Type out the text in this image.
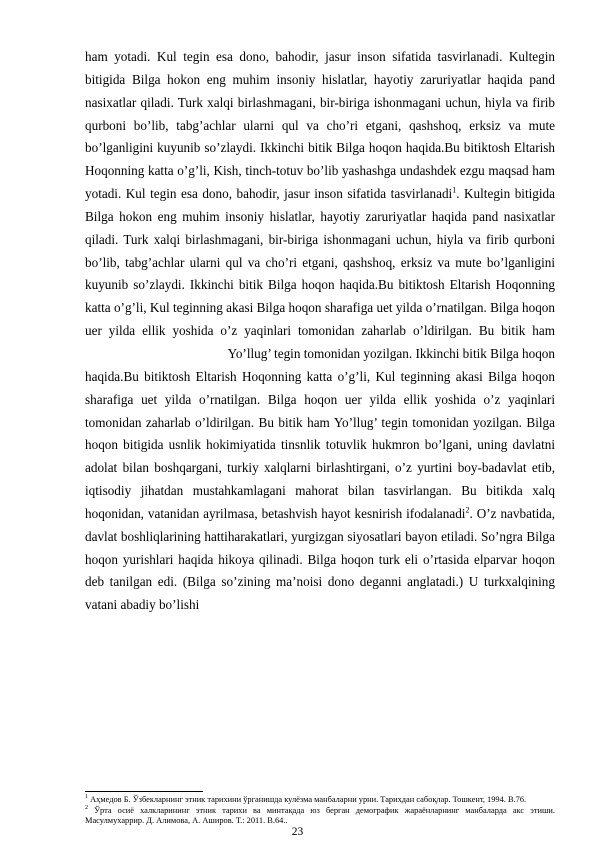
ham yotadi. Kul tegin esa dono, bahodir, jasur inson sifatida tasvirlanadi. Kultegin bitigida Bilga hokon eng muhim insoniy hislatlar, hayotiy zaruriyatlar haqida pand nasixatlar qiladi. Turk xalqi birlashmagani, bir-biriga ishonmagani uchun, hiyla va firib qurboni bo’lib, tabg’achlar ularni qul va cho’ri etgani, qashshoq, erksiz va mute bo’lganligini kuyunib so’zlaydi. Ikkinchi bitik Bilga hoqon haqida.Bu bitiktosh Eltarish Hoqonning katta o’g’li, Kish, tinch-totuv bo’lib yashashga undashdek ezgu maqsad ham yotadi. Kul tegin esa dono, bahodir, jasur inson sifatida tasvirlanadi$^1$. Kultegin bitigida Bilga hokon eng muhim insoniy hislatlar, hayotiy zaruriyatlar haqida pand nasixatlar qiladi. Turk xalqi birlashmagani, bir-biriga ishonmagani uchun, hiyla va firib qurboni bo’lib, tabg’achlar ularni qul va cho’ri etgani, qashshoq, erksiz va mute bo’lganligini kuyunib so’zlaydi. Ikkinchi bitik Bilga hoqon haqida.Bu bitiktosh Eltarish Hoqonning katta o’g’li, Kul teginning akasi Bilga hoqon sharafiga uet yilda o’rnatilgan. Bilga hoqon uer yilda ellik yoshida o’z yaqinlari tomonidan zaharlab o’ldirilgan. Bu bitik ham Yo’llug’ tegin tomonidan yozilgan. Ikkinchi bitik Bilga hoqon

haqida.Bu bitiktosh Eltarish Hoqonning katta o’g’li, Kul teginning akasi Bilga hoqon sharafiga uet yilda o’rnatilgan. Bilga hoqon uer yilda ellik yoshida o’z yaqinlari tomonidan zaharlab o’ldirilgan. Bu bitik ham Yo’llug’ tegin tomonidan yozilgan. Bilga hoqon bitigida usnlik hokimiyatida tinsnlik totuvlik hukmron bo’lgani, uning davlatni adolat bilan boshqargani, turkiy xalqlarni birlashtirgani, o’z yurtini boy-badavlat etib, iqtisodiy jihatdan mustahkamlagani mahorat bilan tasvirlangan. Bu bitikda xalq hoqonidan, vatanidan ayrilmasa, betashvish hayot kesnirish ifodalanadi$^2$. O’z navbatida, davlat boshliqlarining hattiharakatlari, yurgizgan siyosatlari bayon etiladi. So’ngra Bilga hoqon yurishlari haqida hikoya qilinadi. Bilga hoqon turk eli o’rtasida elparvar hoqon deb tanilgan edi. (Bilga so’zining ma’noisi dono deganni anglatadi.) U turkxalqining vatani abadiy bo’lishi

$^1$ Аҳмедов Б. Ўзбекларнинг этник тарихини ўрганишда кулёзма манбаларни урни. Тарихдан сабоқлар. Тошкент, 1994. В.76.

$^2$ Ўрта осиё халкларининг этник тарихи ва минтақада юз берган демографик жараёнларнинг манбаларда акс этиши. Масулмухаррир. Д. Алимова, А. Аширов. Т.: 2011. В.64..

23
